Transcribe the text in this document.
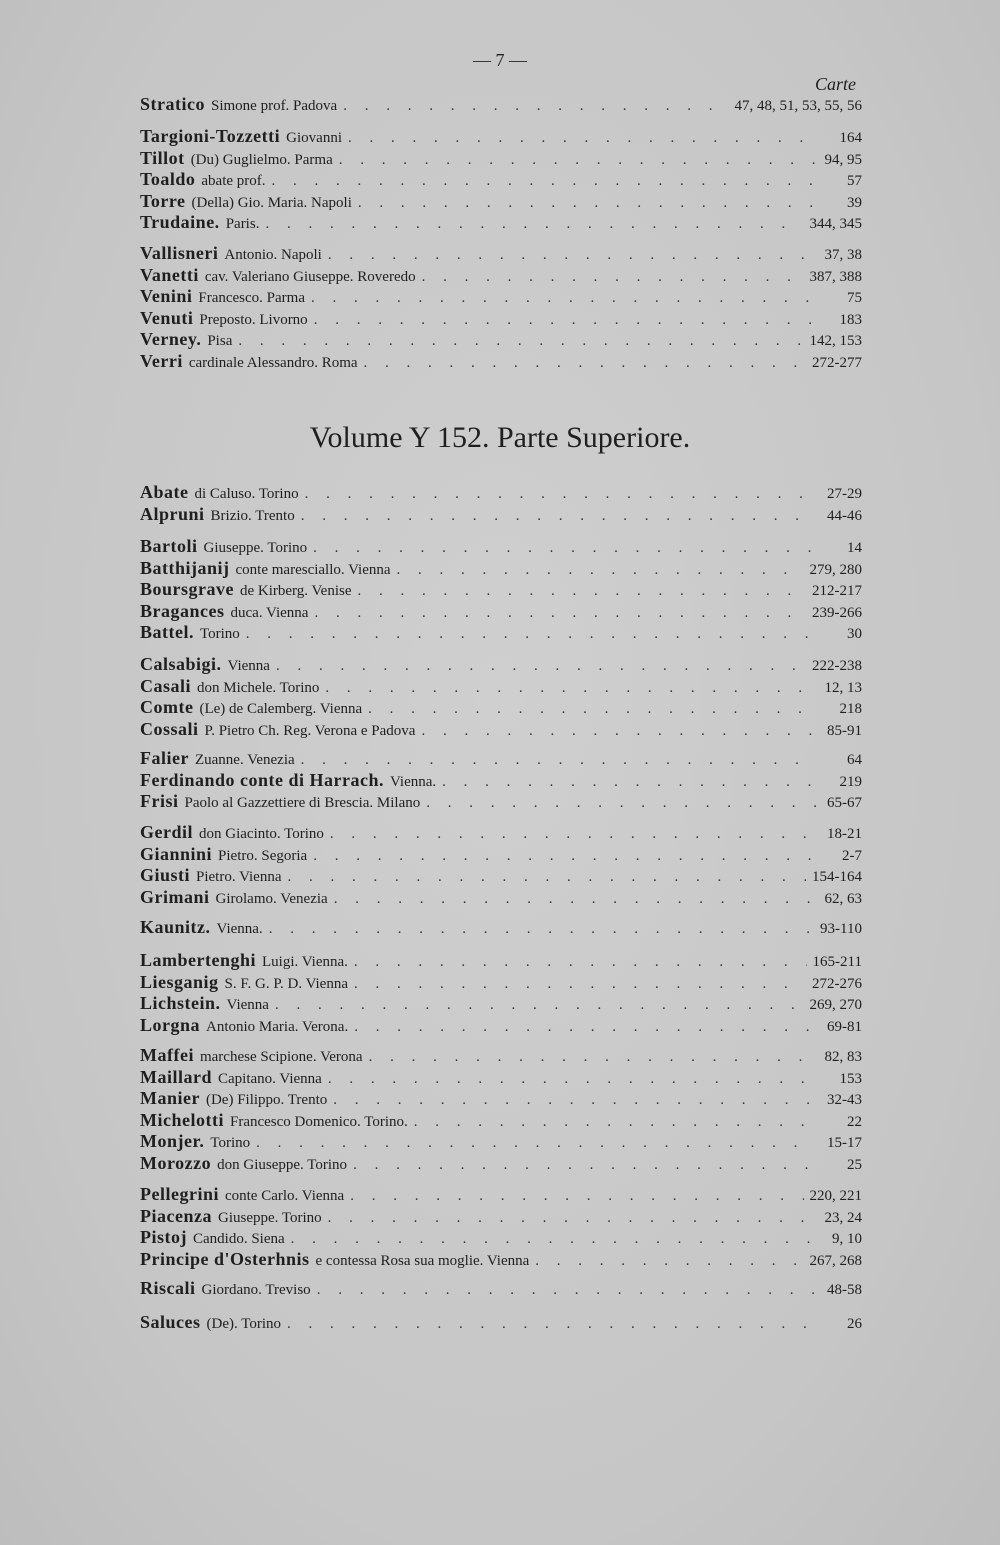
— 7 —
Carte
Volume Y 152. Parte Superiore.
Stratico Simone prof. Padova . . .	47, 48, 51, 53, 55, 56
Targioni-Tozzetti Giovanni . . .	164
Tillot (Du) Guglielmo. Parma . . .	94, 95
Toaldo abate prof. . . .	57
Torre (Della) Gio. Maria. Napoli . . .	39
Trudaine. Paris. . . .	344, 345
Vallisneri Antonio. Napoli . . .	37, 38
Vanetti cav. Valeriano Giuseppe. Roveredo . . .	387, 388
Venini Francesco. Parma . . .	75
Venuti Preposto. Livorno . . .	183
Verney. Pisa . . .	142, 153
Verri cardinale Alessandro. Roma . . .	272-277
Abate di Caluso. Torino . . .	27-29
Alpruni Brizio. Trento . . .	44-46
Bartoli Giuseppe. Torino . . .	14
Batthijanij conte maresciallo. Vienna . . .	279, 280
Boursgrave de Kirberg. Venise . . .	212-217
Bragances duca. Vienna . . .	239-266
Battel. Torino . . .	30
Calsabigi. Vienna . . .	222-238
Casali don Michele. Torino . . .	12, 13
Comte (Le) de Calemberg. Vienna . . .	218
Cossali P. Pietro Ch. Reg. Verona e Padova . . .	85-91
Falier Zuanne. Venezia . . .	64
Ferdinando conte di Harrach. Vienna. . . .	219
Frisi Paolo al Gazzettiere di Brescia. Milano . . .	65-67
Gerdil don Giacinto. Torino . . .	18-21
Giannini Pietro. Segoria . . .	2-7
Giusti Pietro. Vienna . . .	154-164
Grimani Girolamo. Venezia . . .	62, 63
Kaunitz. Vienna. . . .	93-110
Lambertenghi Luigi. Vienna. . . .	165-211
Liesganig S. F. G. P. D. Vienna . . .	272-276
Lichstein. Vienna . . .	269, 270
Lorgna Antonio Maria. Verona. . . .	69-81
Maffei marchese Scipione. Verona . . .	82, 83
Maillard Capitano. Vienna . . .	153
Manier (De) Filippo. Trento . . .	32-43
Michelotti Francesco Domenico. Torino. . . .	22
Monjer. Torino . . .	15-17
Morozzo don Giuseppe. Torino . . .	25
Pellegrini conte Carlo. Vienna . . .	220, 221
Piacenza Giuseppe. Torino . . .	23, 24
Pistoj Candido. Siena . . .	9, 10
Principe d'Osterhnis e contessa Rosa sua moglie. Vienna . . .	267, 268
Riscali Giordano. Treviso . . .	48-58
Saluces (De). Torino . . .	26
